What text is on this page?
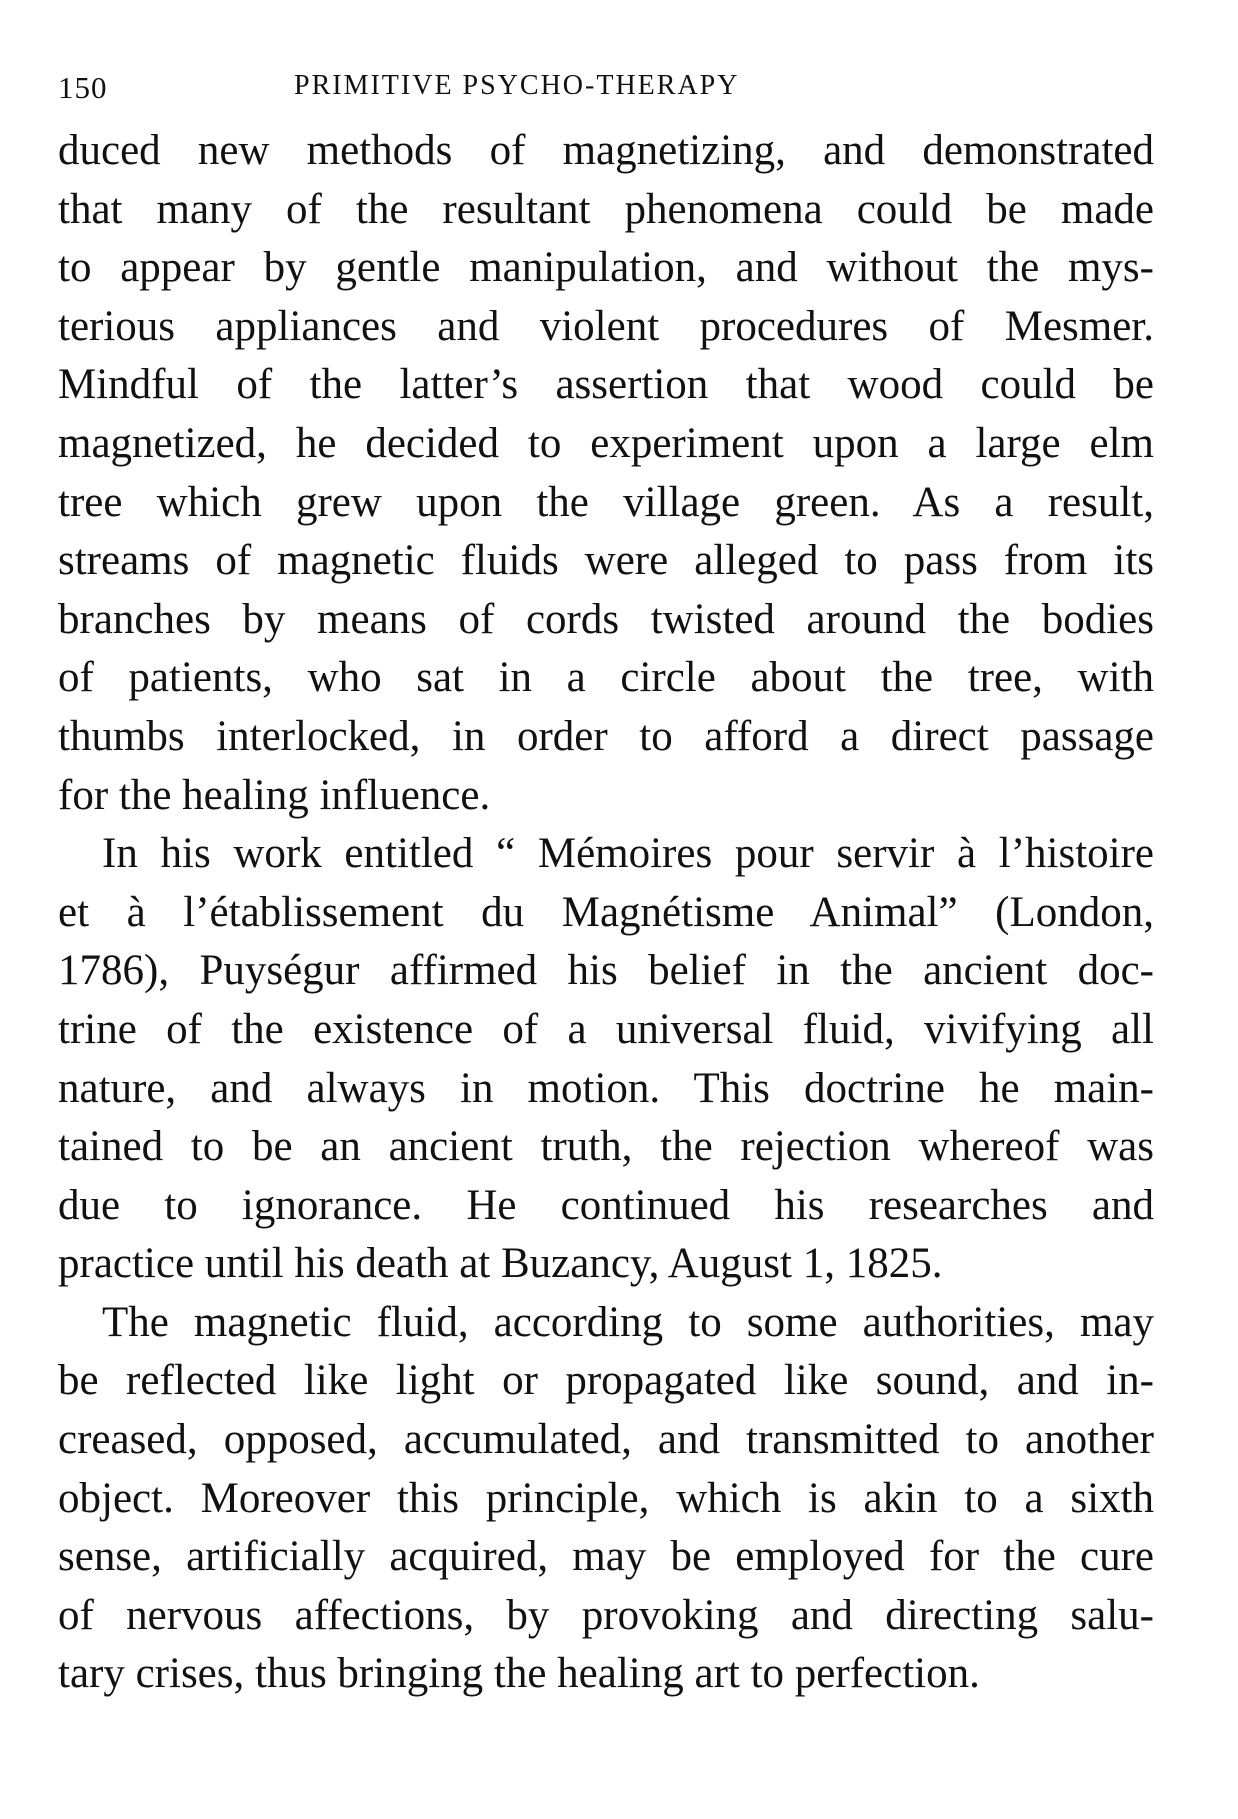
150	PRIMITIVE PSYCHO-THERAPY
duced new methods of magnetizing, and demonstrated
that many of the resultant phenomena could be made
to appear by gentle manipulation, and without the mys-
terious appliances and violent procedures of Mesmer.
Mindful of the latter’s assertion that wood could be
magnetized, he decided to experiment upon a large elm
tree which grew upon the village green. As a result,
streams of magnetic fluids were alleged to pass from its
branches by means of cords twisted around the bodies
of patients, who sat in a circle about the tree, with
thumbs interlocked, in order to afford a direct passage
for the healing influence.
In his work entitled “ Mémoires pour servir à l’histoire
et à l’établissement du Magnétisme Animal” (London,
1786), Puységur affirmed his belief in the ancient doc-
trine of the existence of a universal fluid, vivifying all
nature, and always in motion. This doctrine he main-
tained to be an ancient truth, the rejection whereof was
due to ignorance. He continued his researches and
practice until his death at Buzancy, August 1, 1825.
The magnetic fluid, according to some authorities, may
be reflected like light or propagated like sound, and in-
creased, opposed, accumulated, and transmitted to another
object. Moreover this principle, which is akin to a sixth
sense, artificially acquired, may be employed for the cure
of nervous affections, by provoking and directing salu-
tary crises, thus bringing the healing art to perfection.
